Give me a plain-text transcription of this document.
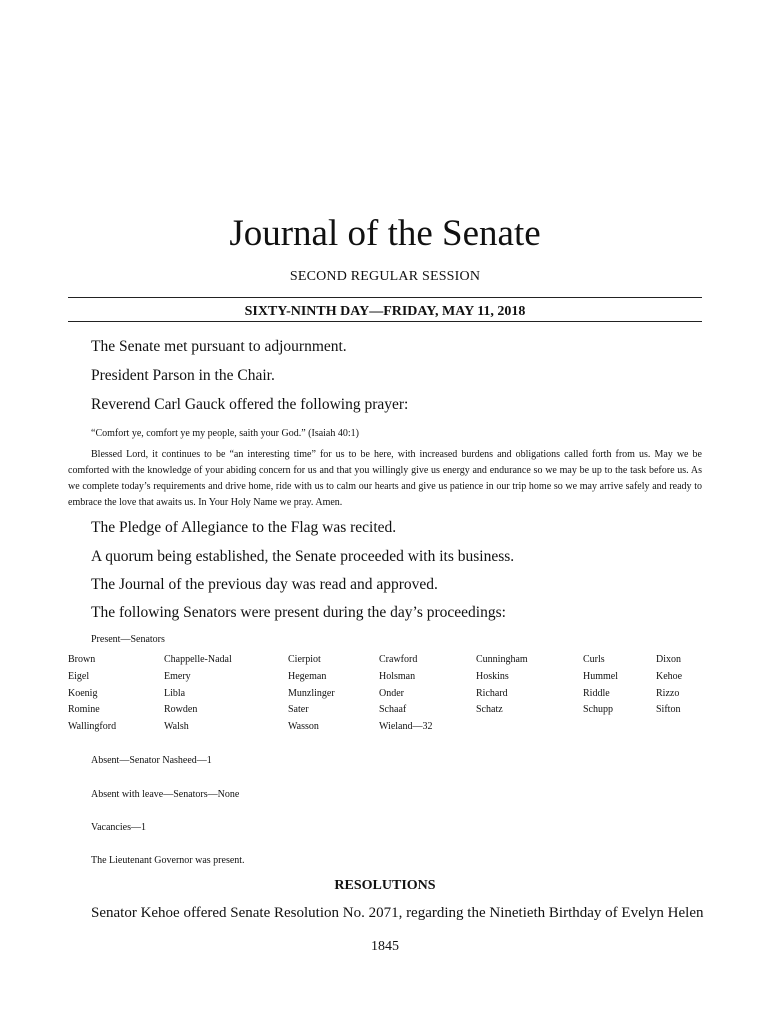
Journal of the Senate
SECOND REGULAR SESSION
SIXTY-NINTH DAY—FRIDAY, MAY 11, 2018
The Senate met pursuant to adjournment.
President Parson in the Chair.
Reverend Carl Gauck offered the following prayer:
“Comfort ye, comfort ye my people, saith your God.” (Isaiah 40:1)
Blessed Lord, it continues to be “an interesting time” for us to be here, with increased burdens and obligations called forth from us. May we be comforted with the knowledge of your abiding concern for us and that you willingly give us energy and endurance so we may be up to the task before us. As we complete today’s requirements and drive home, ride with us to calm our hearts and give us patience in our trip home so we may arrive safely and ready to embrace the love that awaits us. In Your Holy Name we pray. Amen.
The Pledge of Allegiance to the Flag was recited.
A quorum being established, the Senate proceeded with its business.
The Journal of the previous day was read and approved.
The following Senators were present during the day’s proceedings:
Present—Senators
Brown	Chappelle-Nadal	Cierpiot	Crawford	Cunningham	Curls	Dixon
Eigel	Emery	Hegeman	Holsman	Hoskins	Hummel	Kehoe
Koenig	Libla	Munzlinger	Onder	Richard	Riddle	Rizzo
Romine	Rowden	Sater	Schaaf	Schatz	Schupp	Sifton
Wallingford	Walsh	Wasson	Wieland—32
Absent—Senator Nasheed—1
Absent with leave—Senators—None
Vacancies—1
The Lieutenant Governor was present.
RESOLUTIONS
Senator Kehoe offered Senate Resolution No. 2071, regarding the Ninetieth Birthday of Evelyn Helen
1845
